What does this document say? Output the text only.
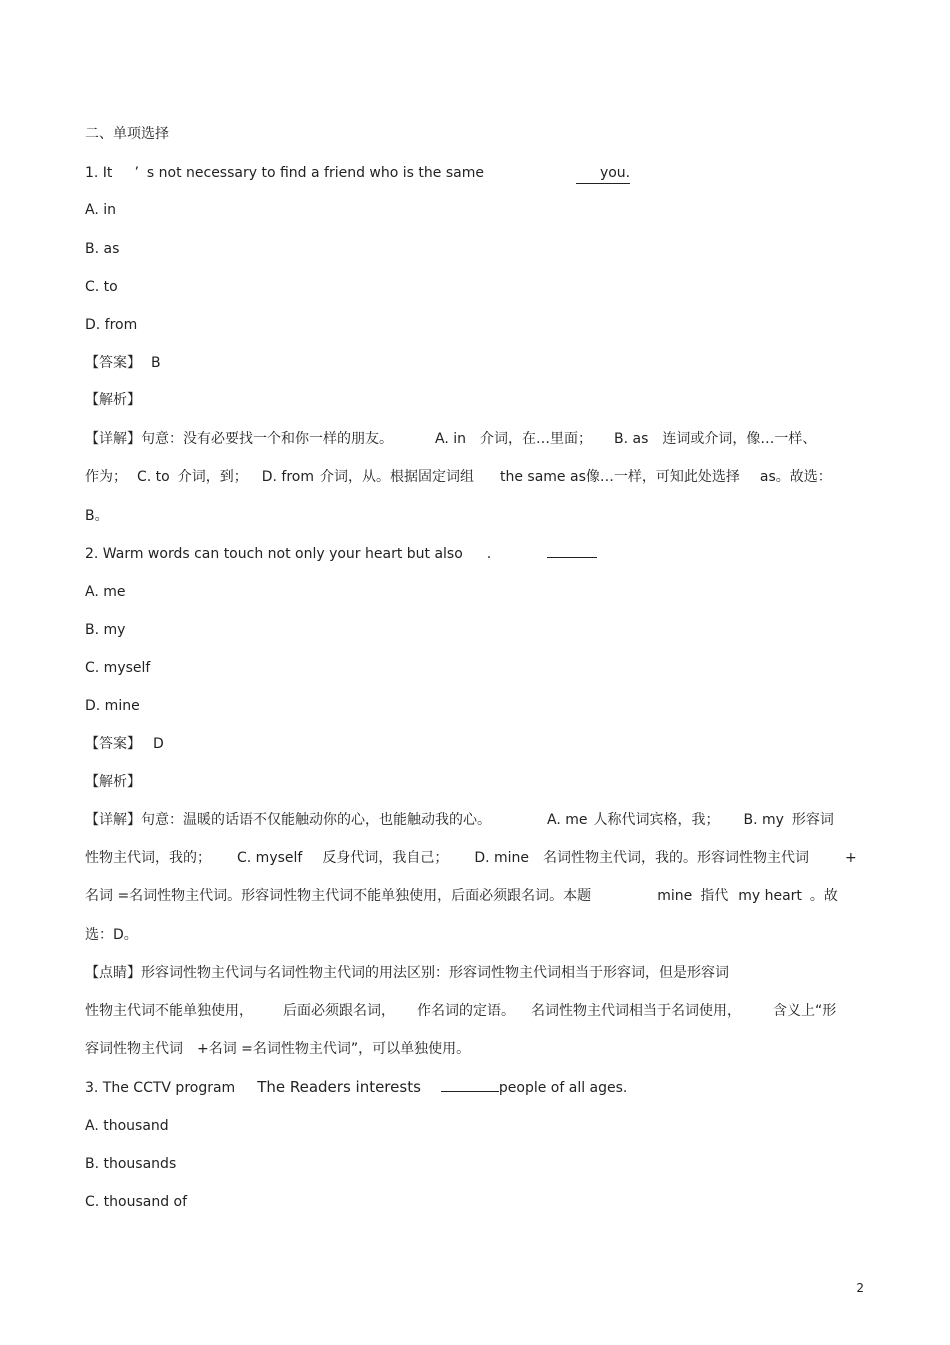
二、单项选择
1. It ’ s not necessary to find a friend who is the same	you.
A. in
B. as
C. to
D. from
【答案】 B
【解析】
【详解】句意：没有必要找一个和你一样的朋友。	A. in 介词，在…里面； B. as 连词或介词，像…一样、
作为； C. to 介词，到； D. from 介词，从。根据固定词组 the same as像…一样，可知此处选择 as。故选：
B。
2. Warm words can touch not only your heart but also .
A. me
B. my
C. myself
D. mine
【答案】 D
【解析】
【详解】句意：温暖的话语不仅能触动你的心，也能触动我的心。	A. me 人称代词宾格，我； B. my 形容词
性物主代词，我的； C. myself 反身代词，我自己； D. mine 名词性物主代词，我的。形容词性物主代词	+
名词 =名词性物主代词。形容词性物主代词不能单独使用，后面必须跟名词。本题	mine 指代 my heart 。故
选：D。
【点睛】形容词性物主代词与名词性物主代词的用法区别：形容词性物主代词相当于形容词，但是形容词
性物主代词不能单独使用， 后面必须跟名词， 作名词的定语。 名词性物主代词相当于名词使用， 含义上“形
容词性物主代词 +名词 =名词性物主代词”，可以单独使用。
3. The CCTV program The Readers interests	people of all ages.
A. thousand
B. thousands
C. thousand of
2
